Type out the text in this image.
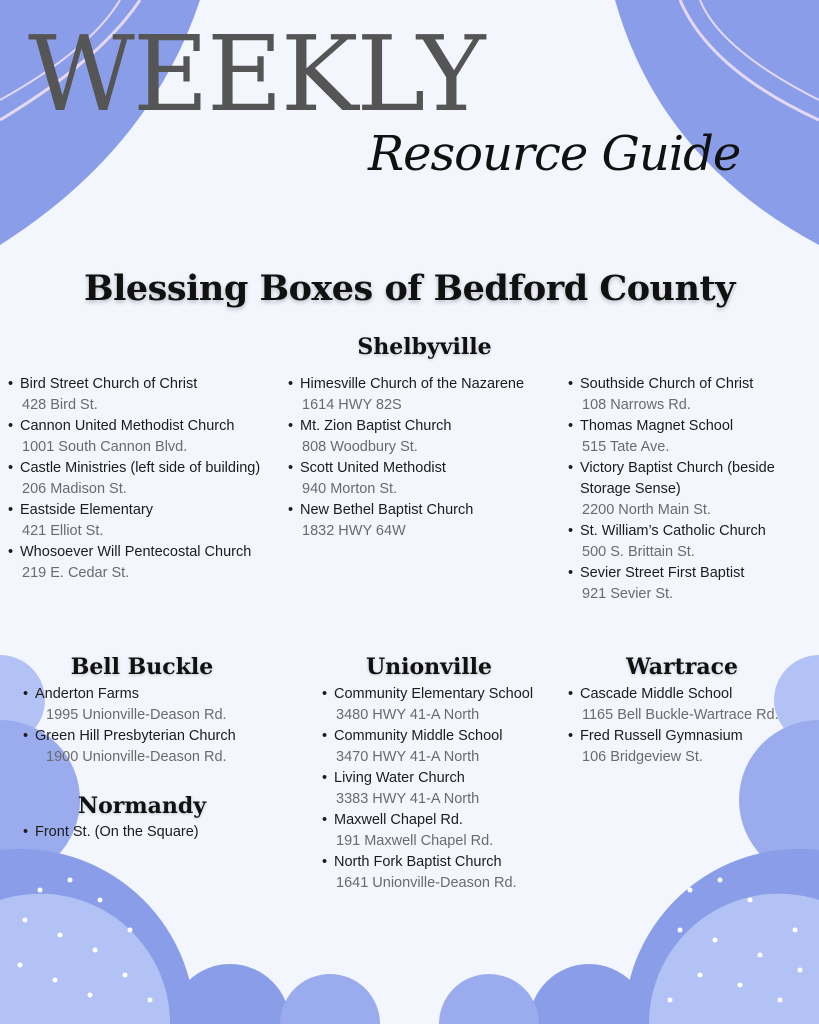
WEEKLY
Resource Guide
Blessing Boxes of Bedford County
Shelbyville
• Bird Street Church of Christ
428 Bird St.
• Cannon United Methodist Church
1001 South Cannon Blvd.
• Castle Ministries (left side of building)
206 Madison St.
• Eastside Elementary
421 Elliot St.
• Whosoever Will Pentecostal Church
219 E. Cedar St.
• Himesville Church of the Nazarene
1614 HWY 82S
• Mt. Zion Baptist Church
808 Woodbury St.
• Scott United Methodist
940 Morton St.
• New Bethel Baptist Church
1832 HWY 64W
• Southside Church of Christ
108 Narrows Rd.
• Thomas Magnet School
515 Tate Ave.
• Victory Baptist Church (beside Storage Sense)
2200 North Main St.
• St. William’s Catholic Church
500 S. Brittain St.
• Sevier Street First Baptist
921 Sevier St.
Bell Buckle
• Anderton Farms
1995 Unionville-Deason Rd.
• Green Hill Presbyterian Church
1900 Unionville-Deason Rd.
Normandy
• Front St. (On the Square)
Unionville
• Community Elementary School
3480 HWY 41-A North
• Community Middle School
3470 HWY 41-A North
• Living Water Church
3383 HWY 41-A North
• Maxwell Chapel Rd.
191 Maxwell Chapel Rd.
• North Fork Baptist Church
1641 Unionville-Deason Rd.
Wartrace
• Cascade Middle School
1165 Bell Buckle-Wartrace Rd.
• Fred Russell Gymnasium
106 Bridgeview St.
